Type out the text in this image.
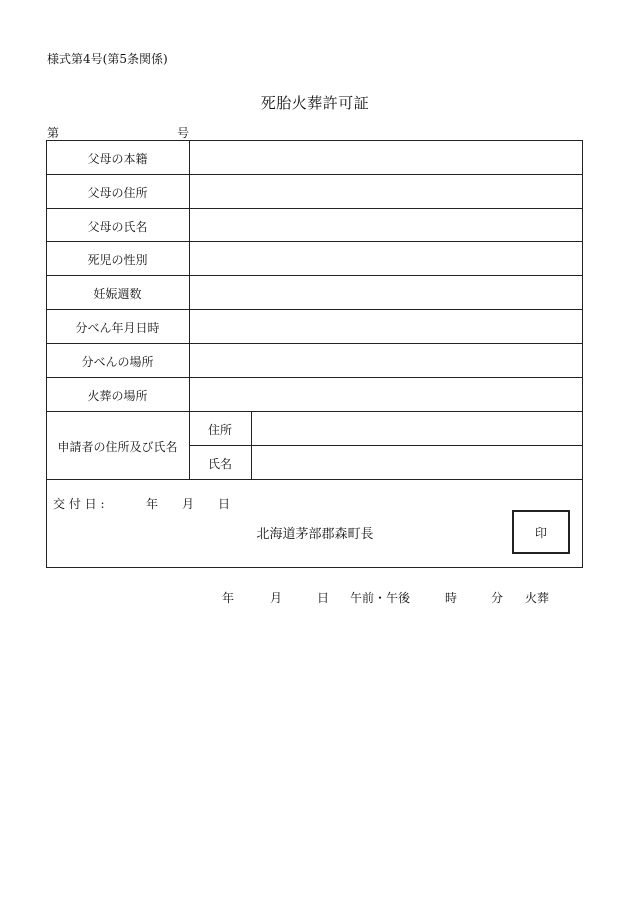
様式第4号(第5条関係)
死胎火葬許可証
第	号
父母の本籍
父母の住所
父母の氏名
死児の性別
妊娠週数
分べん年月日時
分べんの場所
火葬の場所
申請者の住所及び氏名
住所
氏名
交 付 日 :	年 月 日
北海道茅部郡森町長	印
年	月	日 午前・午後	時	分 火葬
